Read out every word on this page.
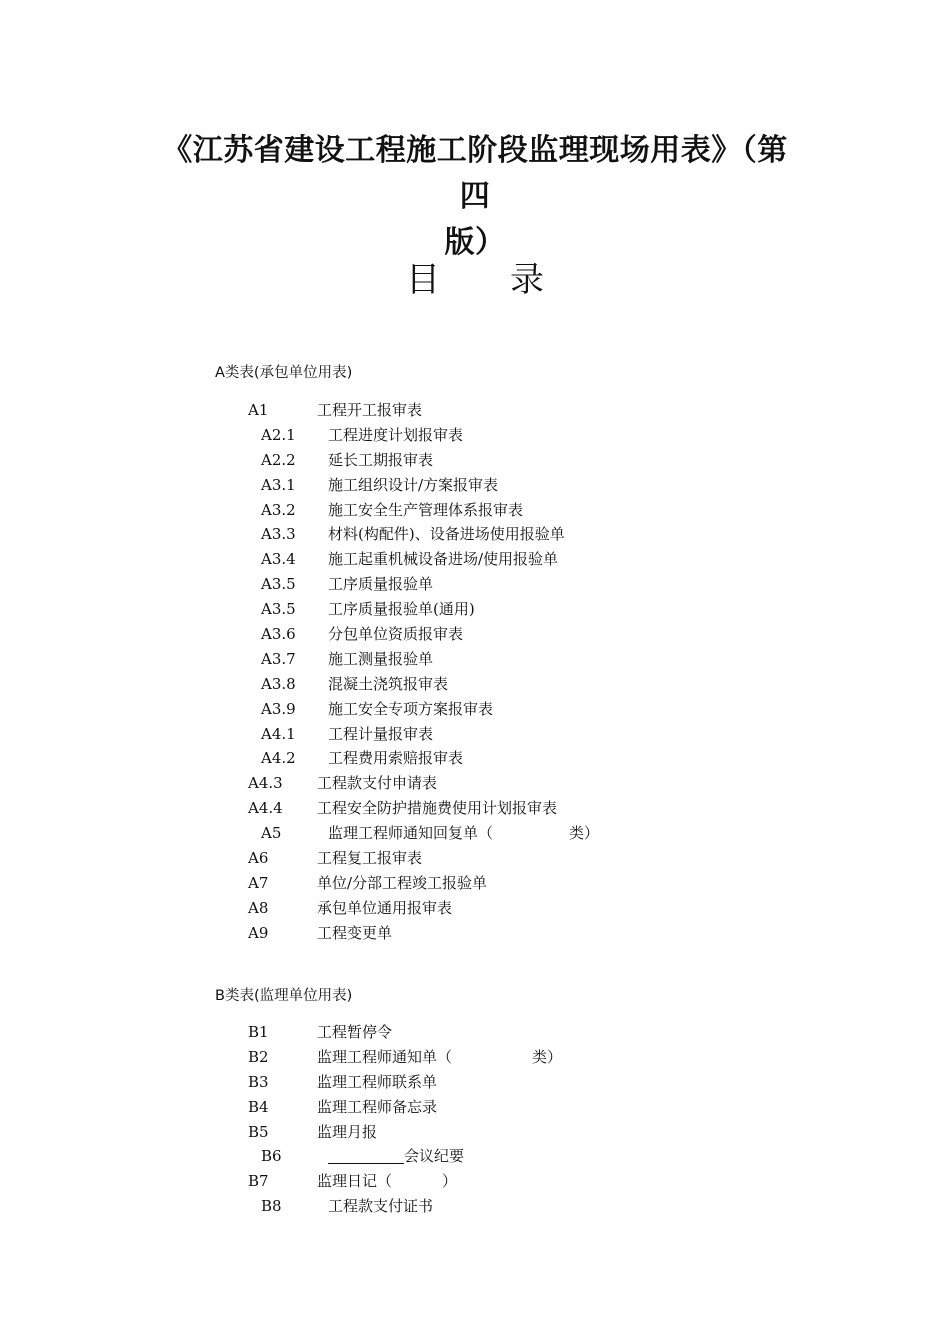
《江苏省建设工程施工阶段监理现场用表》（第四
版）
目录
A类表(承包单位用表)
A1	工程开工报审表
A2.1 工程进度计划报审表
A2.2 延长工期报审表
A3.1 施工组织设计/方案报审表
A3.2 施工安全生产管理体系报审表
A3.3 材料(构配件)、设备进场使用报验单
A3.4 施工起重机械设备进场/使用报验单
A3.5 工序质量报验单
A3.5 工序质量报验单(通用)
A3.6 分包单位资质报审表
A3.7 施工测量报验单
A3.8 混凝土浇筑报审表
A3.9 施工安全专项方案报审表
A4.1 工程计量报审表
A4.2 工程费用索赔报审表
A4.3 工程款支付申请表
A4.4 工程安全防护措施费使用计划报审表
A5	监理工程师通知回复单（	类）
A6	工程复工报审表
A7	单位/分部工程竣工报验单
A8	承包单位通用报审表
A9	工程变更单
B类表(监理单位用表)
B1	工程暂停令
B2	监理工程师通知单（	类）
B3	监理工程师联系单
B4	监理工程师备忘录
B5	监理月报
B6	会议纪要
B7	监理日记（	）
B8	工程款支付证书
